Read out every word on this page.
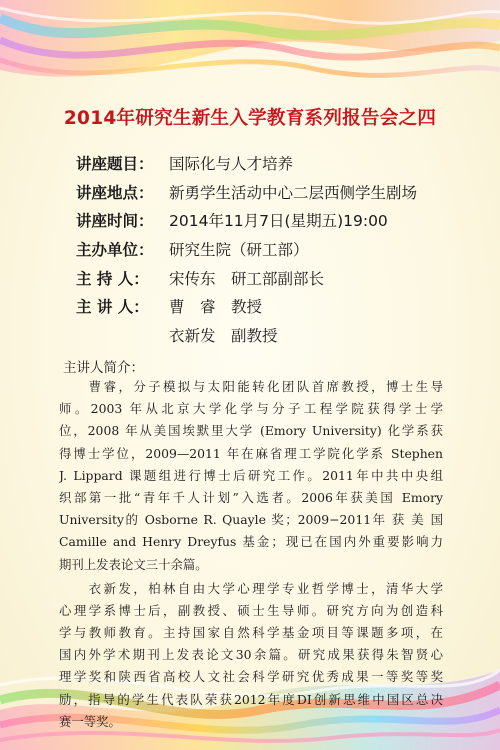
2014年研究生新生入学教育系列报告会之四
讲座题目： 国际化与人才培养
讲座地点： 新勇学生活动中心二层西侧学生剧场
讲座时间： 2014年11月7日(星期五)19:00
主办单位： 研究生院（研工部）
主 持 人：	宋传东　研工部副部长
主 讲 人：	曹　睿　教授
衣新发　副教授
主讲人简介：
　　曹睿，分子模拟与太阳能转化团队首席教授，博士生导
师。2003 年从北京大学化学与分子工程学院获得学士学
位，2008 年从美国埃默里大学 (Emory University) 化学系获
得博士学位，2009—2011 年在麻省理工学院化学系 Stephen
J. Lippard 课题组进行博士后研究工作。2011年中共中央组
织部第一批“青年千人计划”入选者。2006年获美国 Emory
University的 Osborne R. Quayle 奖；2009−2011年 获 美 国
Camille and Henry Dreyfus 基金；现已在国内外重要影响力
期刊上发表论文三十余篇。
　　衣新发，柏林自由大学心理学专业哲学博士，清华大学
心理学系博士后，副教授、硕士生导师。研究方向为创造科
学与教师教育。主持国家自然科学基金项目等课题多项，在
国内外学术期刊上发表论文30余篇。研究成果获得朱智贤心
理学奖和陕西省高校人文社会科学研究优秀成果一等奖等奖
励，指导的学生代表队荣获2012年度DI创新思维中国区总决
赛一等奖。
